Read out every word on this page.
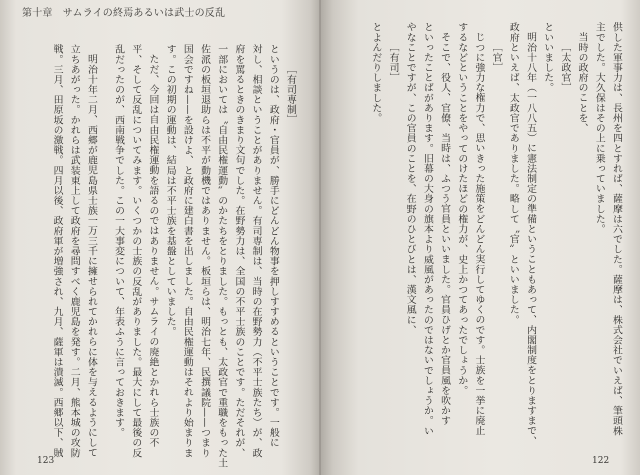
第十章　サムライの終焉あるいは武士の反乱
供した軍事力は、長州を四とすれば、薩摩は六でした。薩摩は、株式会社でいえば、筆頭株
主でした。大久保はその上に乗っていました。
当時の政府のことを、
［太政官］
といいました。
明治十八年（一八八五）に憲法制定の準備ということもあって、内閣制度をとりますまで、
政府といえば、太政官でありました。略して〝官〟といいました。
［官］
じつに強力な権力で、思いきった施策をどんどん実行してゆくのです。士族を一挙に廃止
するなどということをやってのけたほどの権力が、史上かつてあったでしょうか。
そこで、役人、官僚、当時は、ふつう官員といいました。官員ひげとか官員風を吹かす
といったことばがあります。旧幕の大身の旗本より威風があったのではないでしょうか。い
やなことですが、この官員のことを、在野のひとびとは、漢文風に、
［有司］
とよんだりしました。
［有司専制］
というのは、政府・官員が、勝手にどんどん物事を押しすすめるということです。一般に
対し、相談ということがありません。有司専制は、当時の在野勢力（不平士族たち）が、政
府を罵るときのきまり文句でした。在野勢力は、全国の不平士族のことです。ただそれが、
一部においては〝自由民権運動〟のかたちをとりました。もっとも、太政官で重職をもった土
佐派の板垣退助らは不平が動機ではありません。板垣らは、明治七年、民撰議院——つまり
国会ですね——を設けよ、と政府に建白書を出しました。自由民権運動はそれより始まりま
す。この初期の運動は、結局は不平士族を基盤としていました。
ただ、今回は自由民権運動を語るのではありません。サムライの廃絶とかれら士族の不
平、そして反乱についてみます。いくつかの士族の反乱がありました。最大にして最後の反
乱だったのが、西南戦争でした。この一大事変について、年表ふうに言っておきます。
明治十年二月、西郷が鹿児島県士族一万三千に擁せられてかれらに体を与えるようにして
立ちあがった。かれらは武装東上して政府を尋問すべく鹿児島を発す。二月、熊本城の攻防
戦。三月、田原坂の激戦。四月以後、政府軍が増強され、九月、薩軍は潰滅。西郷以下、賊
123	122
